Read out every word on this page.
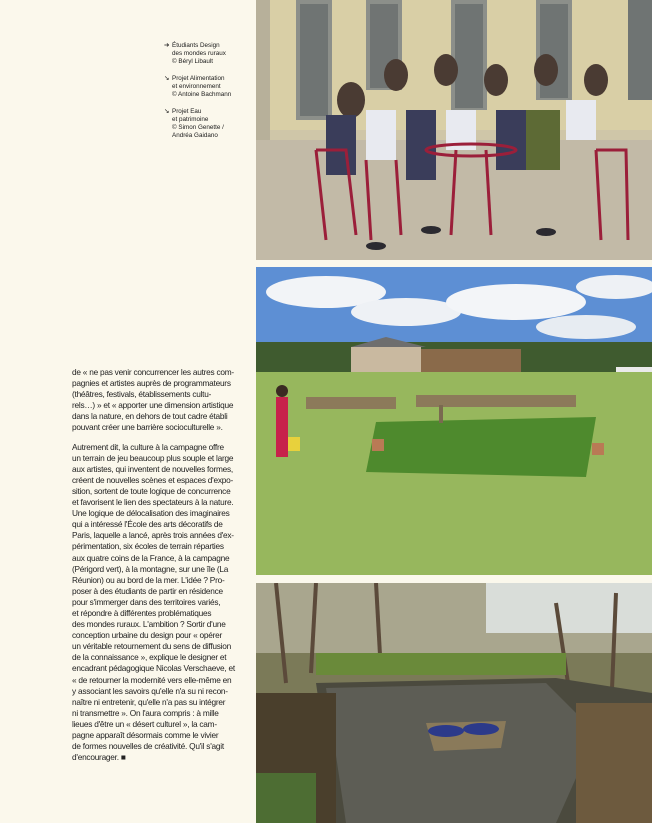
➔ Étudiants Design
des mondes ruraux
© Béryl Libault
↘ Projet Alimentation
et environnement
© Antoine Bachmann
↘ Projet Eau
et patrimoine
© Simon Genette /
Andréa Gaidano
de « ne pas venir concurrencer les autres com-
pagnies et artistes auprès de programmateurs
(théâtres, festivals, établissements cultu-
rels…) » et « apporter une dimension artistique
dans la nature, en dehors de tout cadre établi
pouvant créer une barrière socioculturelle ».
Autrement dit, la culture à la campagne offre
un terrain de jeu beaucoup plus souple et large
aux artistes, qui inventent de nouvelles formes,
créent de nouvelles scènes et espaces d'expo-
sition, sortent de toute logique de concurrence
et favorisent le lien des spectateurs à la nature.
Une logique de délocalisation des imaginaires
qui a intéressé l'École des arts décoratifs de
Paris, laquelle a lancé, après trois années d'ex-
périmentation, six écoles de terrain réparties
aux quatre coins de la France, à la campagne
(Périgord vert), à la montagne, sur une île (La
Réunion) ou au bord de la mer. L'idée ? Pro-
poser à des étudiants de partir en résidence
pour s'immerger dans des territoires variés,
et répondre à différentes problématiques
des mondes ruraux. L'ambition ? Sortir d'une
conception urbaine du design pour « opérer
un véritable retournement du sens de diffusion
de la connaissance », explique le designer et
encadrant pédagogique Nicolas Verschaeve, et
« de retourner la modernité vers elle-même en
y associant les savoirs qu'elle n'a su ni recon-
naître ni entretenir, qu'elle n'a pas su intégrer
ni transmettre ». On l'aura compris : à mille
lieues d'être un « désert culturel », la cam-
pagne apparaît désormais comme le vivier
de formes nouvelles de créativité. Qu'il s'agit
d'encourager. ■
